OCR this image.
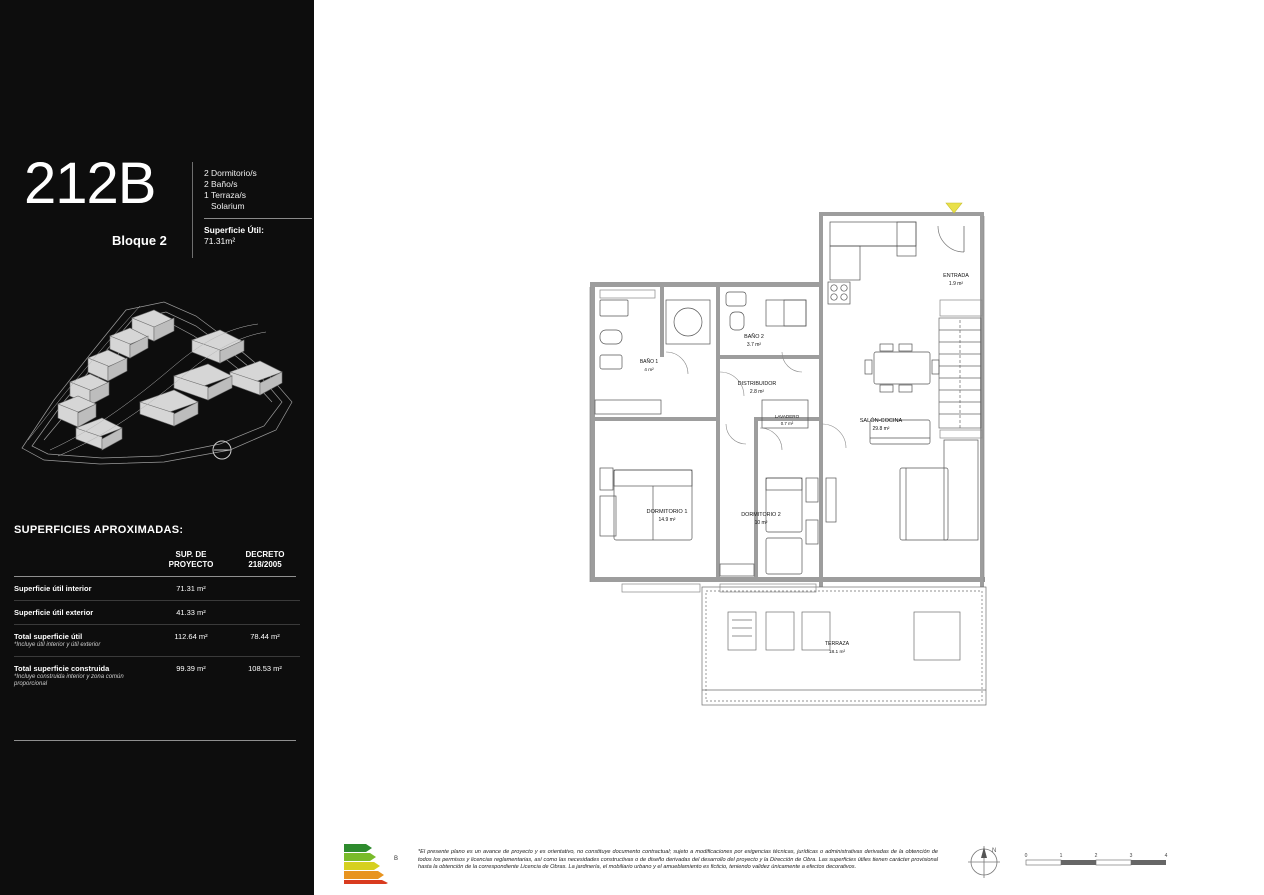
212B
Bloque 2
2 Dormitorio/s
2 Baño/s
1 Terraza/s
Solarium
Superficie Útil:
71.31m²
SUPERFICIES APROXIMADAS:
SUP. DE
PROYECTO
DECRETO
218/2005
Superficie útil interior	71.31 m²
Superficie útil exterior	41.33 m²
Total superficie útil
*Incluye útil interior y útil exterior
112.64 m²	78.44 m²
Total superficie construida
*Incluye construida interior y zona común proporcional
99.39 m²	108.53 m²
ENTRADA
1.9 m²
BAÑO 2
3.7 m²
BAÑO 1
4 m²
DISTRIBUIDOR
2.8 m²
LAVADERO
0.7 m²	SALÓN-COCINA
29.8 m²
DORMITORIO 1
14.9 m²
DORMITORIO 2
10 m²
TERRAZA
18.1 m²
B
*El presente plano es un avance de proyecto y es orientativo, no constituye documento contractual; sujeto a modificaciones por exigencias técnicas, jurídicas o administrativas derivadas de la obtención de todos los permisos y licencias reglamentarias, así como las necesidades constructivas o de diseño derivadas del desarrollo del proyecto y la Dirección de Obra. Las superficies útiles tienen carácter provisional hasta la obtención de la correspondiente Licencia de Obras. La jardinería, el mobiliario urbano y el amueblamiento es ficticio, teniendo validez únicamente a efectos decorativos.
N
0	1	2	3	4
